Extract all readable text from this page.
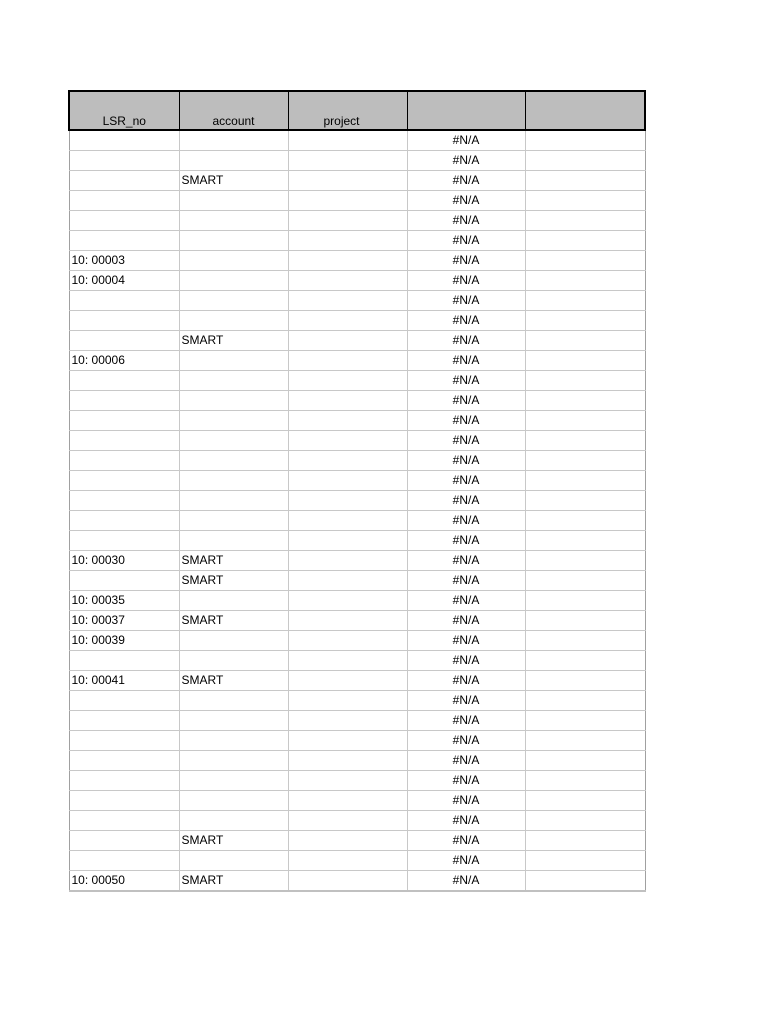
LSR_no	account	project		
			#N/A	
			#N/A	
	SMART		#N/A	
			#N/A	
			#N/A	
			#N/A	
10: 00003			#N/A	
10: 00004			#N/A	
			#N/A	
			#N/A	
	SMART		#N/A	
10: 00006			#N/A	
			#N/A	
			#N/A	
			#N/A	
			#N/A	
			#N/A	
			#N/A	
			#N/A	
			#N/A	
			#N/A	
10: 00030	SMART		#N/A	
	SMART		#N/A	
10: 00035			#N/A	
10: 00037	SMART		#N/A	
10: 00039			#N/A	
			#N/A	
10: 00041	SMART		#N/A	
			#N/A	
			#N/A	
			#N/A	
			#N/A	
			#N/A	
			#N/A	
			#N/A	
	SMART		#N/A	
			#N/A	
10: 00050	SMART		#N/A	
